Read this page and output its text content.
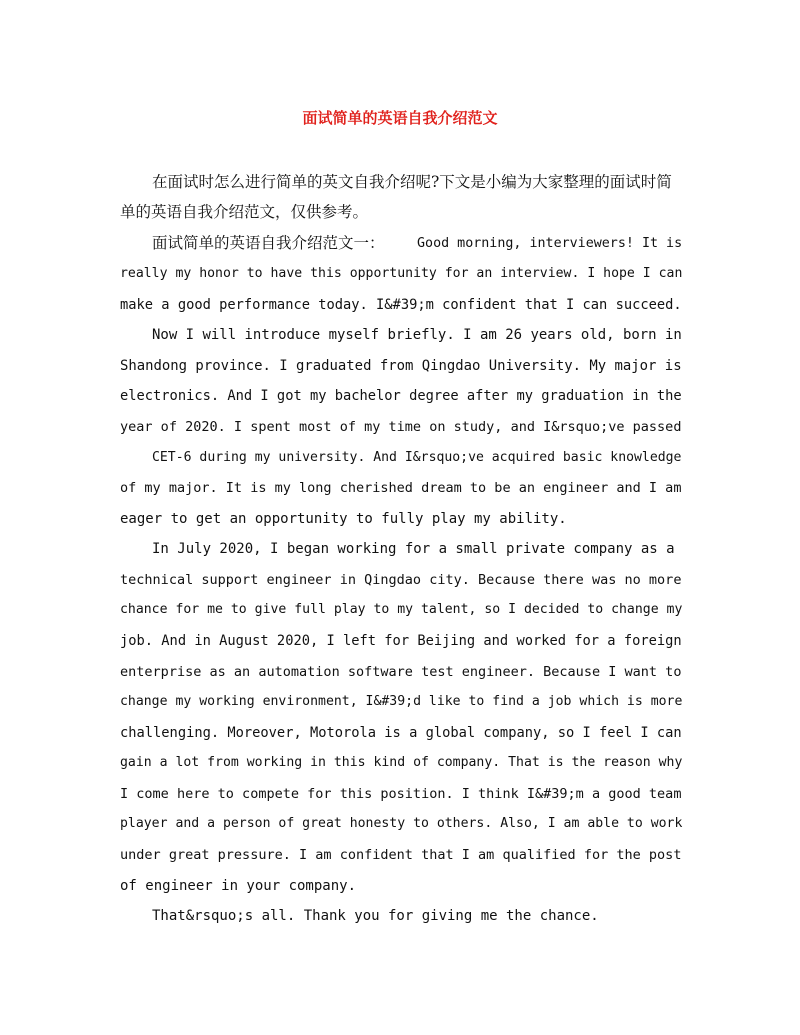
面试简单的英语自我介绍范文
在面试时怎么进行简单的英文自我介绍呢?下文是小编为大家整理的面试时简
单的英语自我介绍范文，仅供参考。
面试简单的英语自我介绍范文一： Good morning, interviewers! It is
really my honor to have this opportunity for an interview. I hope I can
make a good performance today. I&#39;m confident that I can succeed.
Now I will introduce myself briefly. I am 26 years old, born in
Shandong province. I graduated from Qingdao University. My major is
electronics. And I got my bachelor degree after my graduation in the
year of 2020. I spent most of my time on study, and I&rsquo;ve passed
CET-6 during my university. And I&rsquo;ve acquired basic knowledge
of my major. It is my long cherished dream to be an engineer and I am
eager to get an opportunity to fully play my ability.
In July 2020, I began working for a small private company as a
technical support engineer in Qingdao city. Because there was no more
chance for me to give full play to my talent, so I decided to change my
job. And in August 2020, I left for Beijing and worked for a foreign
enterprise as an automation software test engineer. Because I want to
change my working environment, I&#39;d like to find a job which is more
challenging. Moreover, Motorola is a global company, so I feel I can
gain a lot from working in this kind of company. That is the reason why
I come here to compete for this position. I think I&#39;m a good team
player and a person of great honesty to others. Also, I am able to work
under great pressure. I am confident that I am qualified for the post
of engineer in your company.
That&rsquo;s all. Thank you for giving me the chance.
